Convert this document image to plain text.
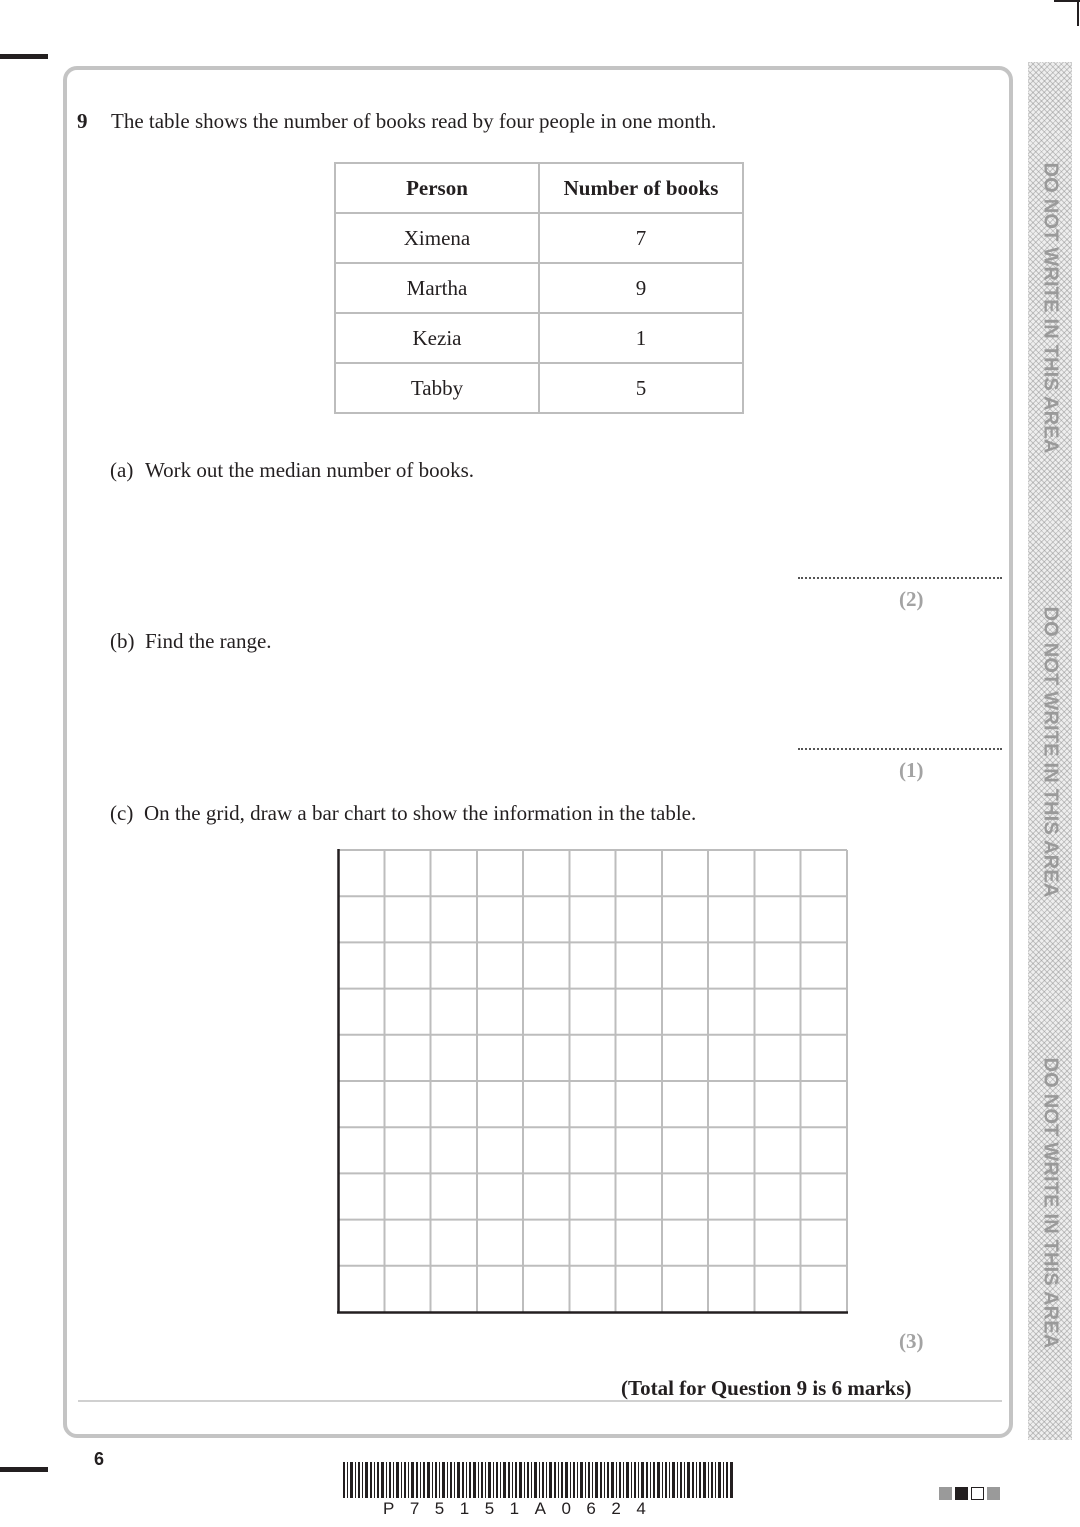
DO NOT WRITE IN THIS AREA
DO NOT WRITE IN THIS AREA
DO NOT WRITE IN THIS AREA
9 The table shows the number of books read by four people in one month.
Person	Number of books
Ximena	7
Martha	9
Kezia	1
Tabby	5
(a) Work out the median number of books.
(2)
(b) Find the range.
(1)
(c) On the grid, draw a bar chart to show the information in the table.
(3)
(Total for Question 9 is 6 marks)
6
P75151A0624
